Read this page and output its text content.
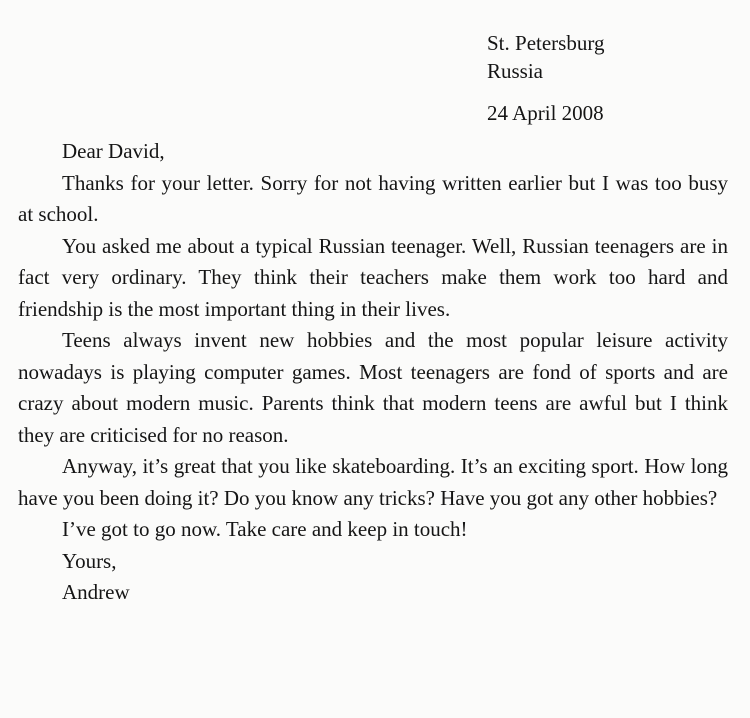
St. Petersburg
Russia
24 April 2008
Dear David,

Thanks for your letter. Sorry for not having written earlier but I was too busy at school.

You asked me about a typical Russian teenager. Well, Russian teenagers are in fact very ordinary. They think their teachers make them work too hard and friendship is the most important thing in their lives.

Teens always invent new hobbies and the most popular leisure activity nowadays is playing computer games. Most teenagers are fond of sports and are crazy about modern music. Parents think that modern teens are awful but I think they are criticised for no reason.

Anyway, it’s great that you like skateboarding. It’s an exciting sport. How long have you been doing it? Do you know any tricks? Have you got any other hobbies?

I’ve got to go now. Take care and keep in touch!

Yours,
Andrew
